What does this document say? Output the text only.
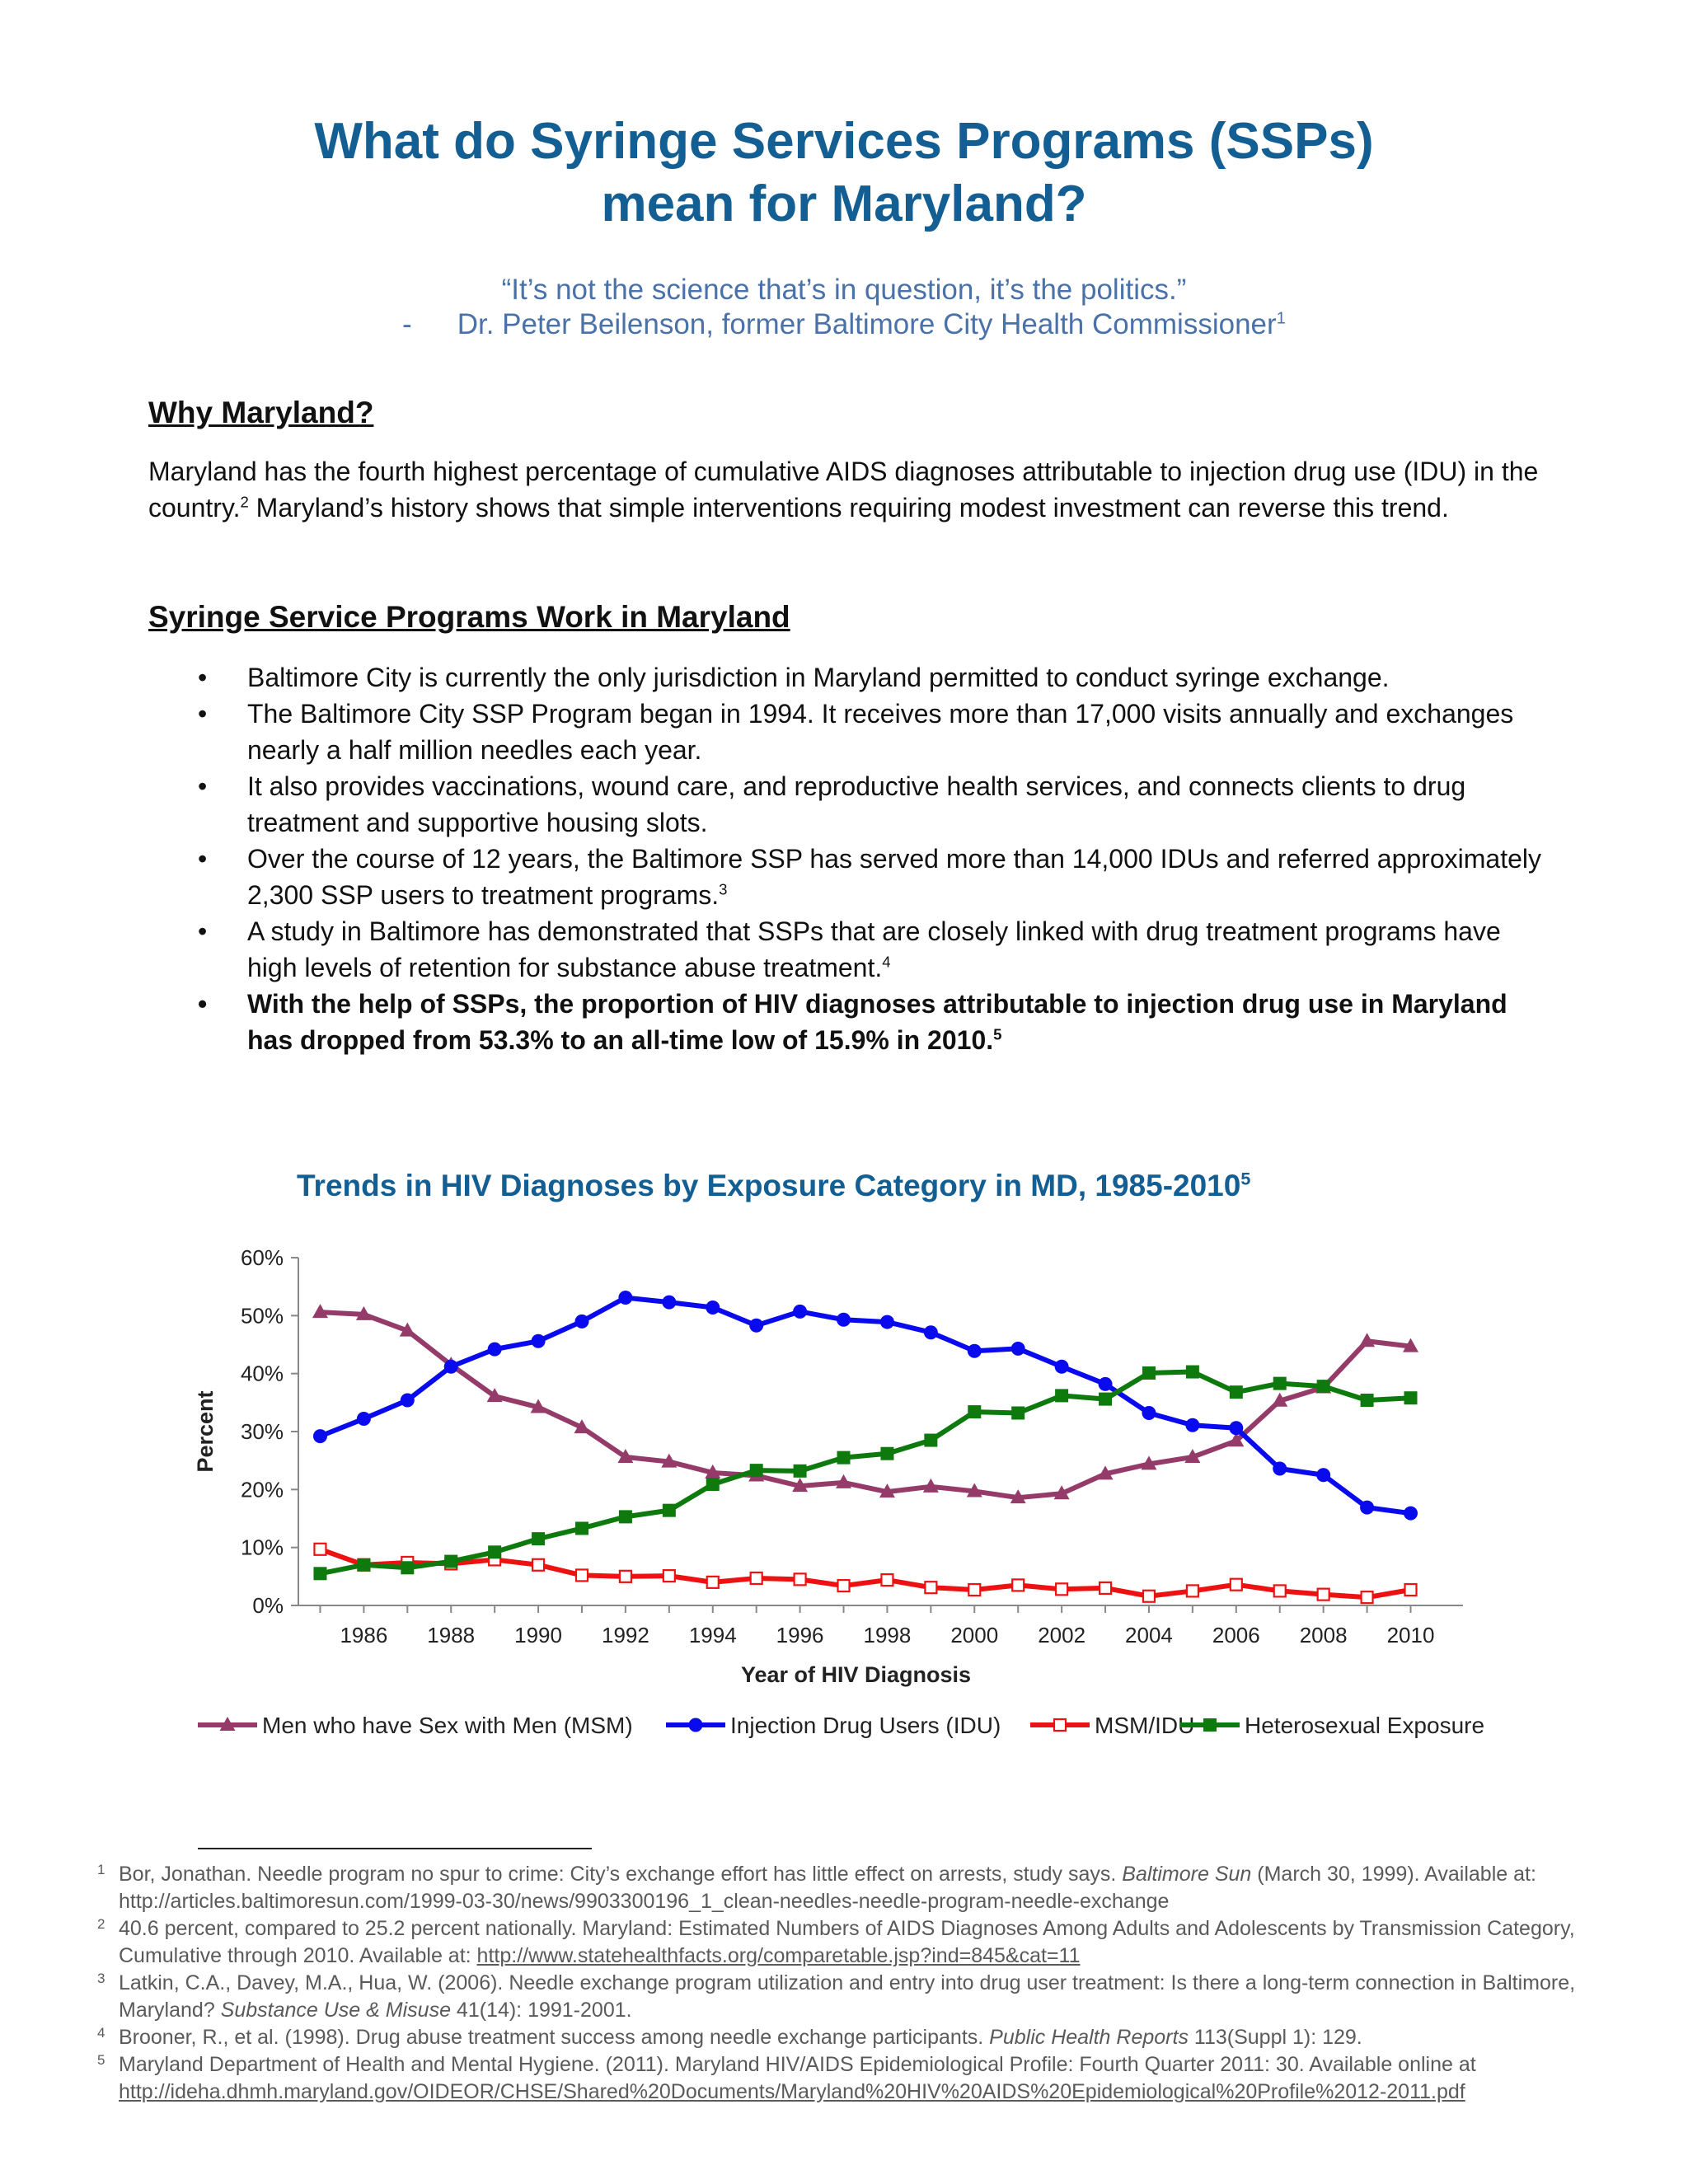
What do Syringe Services Programs (SSPs)
mean for Maryland?
“It’s not the science that’s in question, it’s the politics.”
- Dr. Peter Beilenson, former Baltimore City Health Commissioner$^1$
Why Maryland?

Maryland has the fourth highest percentage of cumulative AIDS diagnoses attributable to injection drug use (IDU) in the country.$^2$ Maryland’s history shows that simple interventions requiring modest investment can reverse this trend.

Syringe Service Programs Work in Maryland
• Baltimore City is currently the only jurisdiction in Maryland permitted to conduct syringe exchange.
• The Baltimore City SSP Program began in 1994. It receives more than 17,000 visits annually and exchanges nearly a half million needles each year.
• It also provides vaccinations, wound care, and reproductive health services, and connects clients to drug treatment and supportive housing slots.
• Over the course of 12 years, the Baltimore SSP has served more than 14,000 IDUs and referred approximately 2,300 SSP users to treatment programs.$^3$
• A study in Baltimore has demonstrated that SSPs that are closely linked with drug treatment programs have high levels of retention for substance abuse treatment.$^4$
• With the help of SSPs, the proportion of HIV diagnoses attributable to injection drug use in Maryland has dropped from 53.3% to an all-time low of 15.9% in 2010.$^5$
Trends in HIV Diagnoses by Exposure Category in MD, 1985-2010$^5$
0%
10%
20%
30%
40%
50%
60%
1986 1988 1990 1992 1994 1996 1998 2000 2002 2004 2006 2008 2010
Year of HIV Diagnosis
Percent
Men who have Sex with Men (MSM)	Injection Drug Users (IDU)	MSM/IDU Heterosexual Exposure
1 Bor, Jonathan. Needle program no spur to crime: City’s exchange effort has little effect on arrests, study says. Baltimore Sun (March 30, 1999). Available at: http://articles.baltimoresun.com/1999-03-30/news/9903300196_1_clean-needles-needle-program-needle-exchange
2 40.6 percent, compared to 25.2 percent nationally. Maryland: Estimated Numbers of AIDS Diagnoses Among Adults and Adolescents by Transmission Category, Cumulative through 2010. Available at: http://www.statehealthfacts.org/comparetable.jsp?ind=845&cat=11
3 Latkin, C.A., Davey, M.A., Hua, W. (2006). Needle exchange program utilization and entry into drug user treatment: Is there a long-term connection in Baltimore, Maryland? Substance Use & Misuse 41(14): 1991-2001.
4 Brooner, R., et al. (1998). Drug abuse treatment success among needle exchange participants. Public Health Reports 113(Suppl 1): 129.
5 Maryland Department of Health and Mental Hygiene. (2011). Maryland HIV/AIDS Epidemiological Profile: Fourth Quarter 2011: 30. Available online at http://ideha.dhmh.maryland.gov/OIDEOR/CHSE/Shared%20Documents/Maryland%20HIV%20AIDS%20Epidemiological%20Profile%2012-2011.pdf
